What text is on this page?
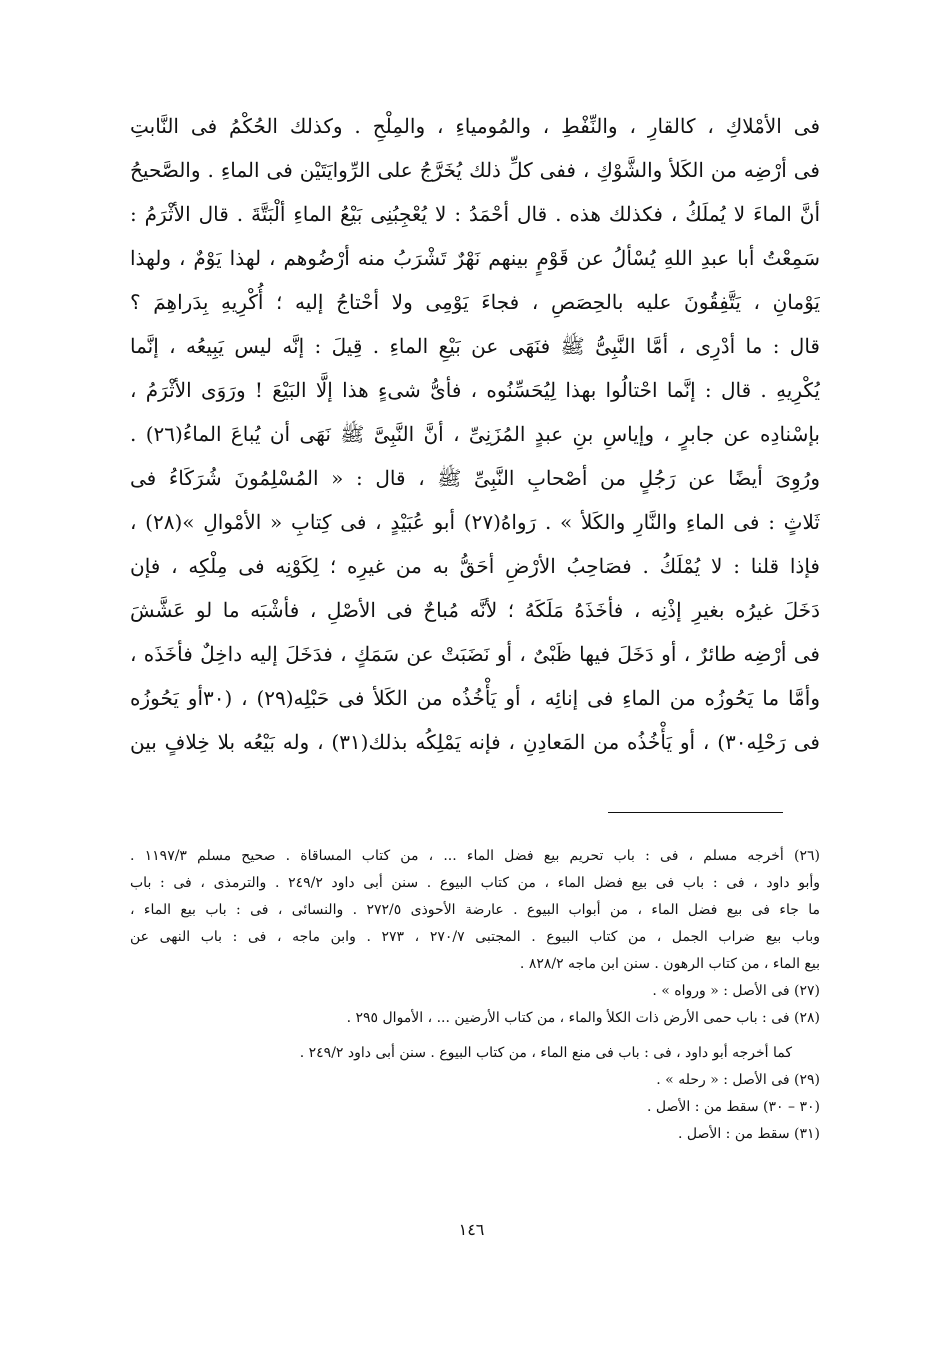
فى الأمْلاكِ ، كالقارِ ، والنِّفْطِ ، والمُومياءِ ، والمِلْحِ . وكذلك الحُكْمُ فى النَّابتِ
فى أرْضِه من الكَلأ والشَّوْكِ ، ففى كلِّ ذلك يُخَرَّجُ على الرِّوايَتَيْن فى الماءِ . والصَّحيحُ
أنَّ الماءَ لا يُملَكُ ، فكذلك هذه . قال أحْمَدُ : لا يُعْجِبُنِى بَيْعُ الماءِ ألْبَتَّةَ . قال الأثْرَمُ :
سَمِعْتُ أبا عبدِ اللهِ يُسْألُ عن قَوْمٍ بينهم نَهْرٌ تَشْرَبُ منه أرْضُوهم ، لهذا يَوْمٌ ، ولهذا
يَوْمانِ ، يَتَّفِقُونَ عليه بالحِصَصِ ، فجاءَ يَوْمِى ولا أحْتاجُ إليه ؛ أُكْرِيهِ بِدَراهِمَ ؟
قال : ما أدْرِى ، أمَّا النَّبِىُّ ﷺ فنَهَى عن بَيْعِ الماءِ . قِيلَ : إنَّه ليس يَبِيعُه ، إنَّما
يُكْرِيهِ . قال : إنَّما احْتالُوا بهذا لِيُحَسِّنُوه ، فأىُّ شىءٍ هذا إلَّا البَيْعَ ! ورَوَى الأثْرَمُ ،
بإسْنادِه عن جابرٍ ، وإياسِ بنِ عبدٍ المُزَنِىِّ ، أنَّ النَّبِىَّ ﷺ نَهَى أن يُباعَ الماءُ(٢٦) .
ورُوِىَ أيضًا عن رَجُلٍ من أصْحابِ النَّبِىِّ ﷺ ، قال : « المُسْلِمُونَ شُرَكَاءُ فى
ثَلاثٍ : فى الماءِ والنَّارِ والكَلأ » . رَواهُ(٢٧) أبو عُبَيْدٍ ، فى كِتابِ « الأمْوالِ »(٢٨) ،
فإذا قلنا : لا يُمْلَكُ . فصَاحِبُ الأرْضِ أحَقُّ به من غيرِه ؛ لِكَوْنِه فى مِلْكِه ، فإن
دَخَلَ غيرُه بغيرِ إذْنِه ، فأخَذَهُ مَلَكَهُ ؛ لأنَّه مُباحٌ فى الأصْلِ ، فأشْبَه ما لو عَشَّشَ
فى أرْضِه طائرٌ ، أو دَخَلَ فيها ظَبْىٌ ، أو نَضَبَتْ عن سَمَكٍ ، فدَخَلَ إليه داخِلٌ فأخَذَه ،
وأمَّا ما يَحُوزُه من الماءِ فى إنائِه ، أو يَأْخُذُه من الكَلأ فى حَبْلِه(٢٩) ، (٣٠أو يَحُوزُه
فى رَحْلِه٣٠) ، أو يَأْخُذُه من المَعادِنِ ، فإنه يَمْلِكُه بذلك(٣١) ، وله بَيْعُه بلا خِلافٍ بين
(٢٦) أخرجه مسلم ، فى : باب تحريم بيع فضل الماء ... ، من كتاب المساقاة . صحيح مسلم ١١٩٧/٣ .
وأبو داود ، فى : باب فى بيع فضل الماء ، من كتاب البيوع . سنن أبى داود ٢٤٩/٢ . والترمذى ، فى : باب
ما جاء فى بيع فضل الماء ، من أبواب البيوع . عارضة الأحوذى ٢٧٢/٥ . والنسائى ، فى : باب بيع الماء ،
وباب بيع ضراب الجمل ، من كتاب البيوع . المجتبى ٢٧٠/٧ ، ٢٧٣ . وابن ماجه ، فى : باب النهى عن
بيع الماء ، من كتاب الرهون . سنن ابن ماجه ٨٢٨/٢ .
(٢٧) فى الأصل : « ورواه » .
(٢٨) فى : باب حمى الأرض ذات الكلأ والماء ، من كتاب الأرضين ... ، الأموال ٢٩٥ .
كما أخرجه أبو داود ، فى : باب فى منع الماء ، من كتاب البيوع . سنن أبى داود ٢٤٩/٢ .
(٢٩) فى الأصل : « رحله » .
(٣٠ – ٣٠) سقط من : الأصل .
(٣١) سقط من : الأصل .
١٤٦
